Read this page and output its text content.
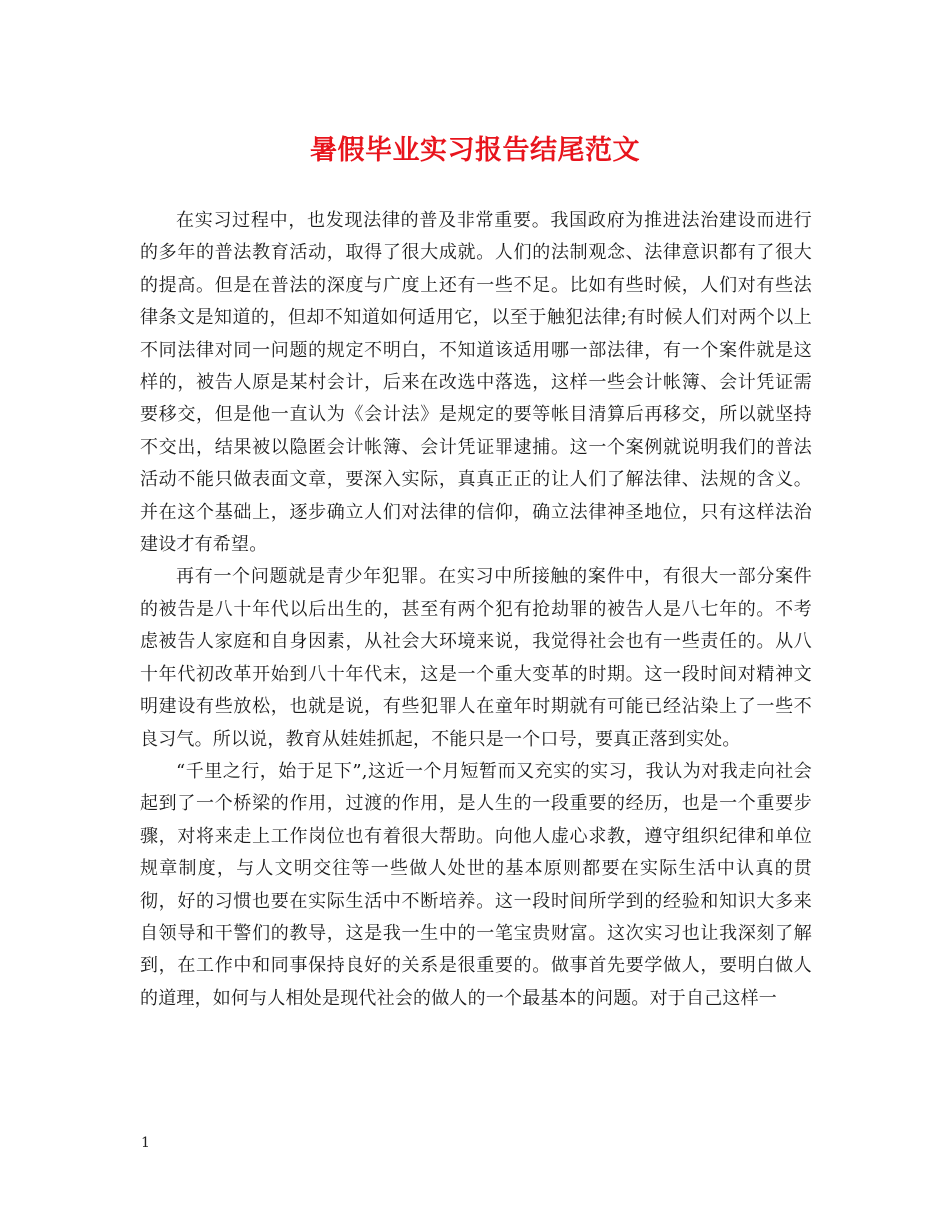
暑假毕业实习报告结尾范文

在实习过程中，也发现法律的普及非常重要。我国政府为推进法治建设而进行的多年的普法教育活动，取得了很大成就。人们的法制观念、法律意识都有了很大的提高。但是在普法的深度与广度上还有一些不足。比如有些时候，人们对有些法律条文是知道的，但却不知道如何适用它，以至于触犯法律;有时候人们对两个以上不同法律对同一问题的规定不明白，不知道该适用哪一部法律，有一个案件就是这样的，被告人原是某村会计，后来在改选中落选，这样一些会计帐簿、会计凭证需要移交，但是他一直认为《会计法》是规定的要等帐目清算后再移交，所以就坚持不交出，结果被以隐匿会计帐簿、会计凭证罪逮捕。这一个案例就说明我们的普法活动不能只做表面文章，要深入实际，真真正正的让人们了解法律、法规的含义。并在这个基础上，逐步确立人们对法律的信仰，确立法律神圣地位，只有这样法治建设才有希望。

再有一个问题就是青少年犯罪。在实习中所接触的案件中，有很大一部分案件的被告是八十年代以后出生的，甚至有两个犯有抢劫罪的被告人是八七年的。不考虑被告人家庭和自身因素，从社会大环境来说，我觉得社会也有一些责任的。从八十年代初改革开始到八十年代末，这是一个重大变革的时期。这一段时间对精神文明建设有些放松，也就是说，有些犯罪人在童年时期就有可能已经沾染上了一些不良习气。所以说，教育从娃娃抓起，不能只是一个口号，要真正落到实处。

“千里之行，始于足下”,这近一个月短暂而又充实的实习，我认为对我走向社会起到了一个桥梁的作用，过渡的作用，是人生的一段重要的经历，也是一个重要步骤，对将来走上工作岗位也有着很大帮助。向他人虚心求教，遵守组织纪律和单位规章制度，与人文明交往等一些做人处世的基本原则都要在实际生活中认真的贯彻，好的习惯也要在实际生活中不断培养。这一段时间所学到的经验和知识大多来自领导和干警们的教导，这是我一生中的一笔宝贵财富。这次实习也让我深刻了解到，在工作中和同事保持良好的关系是很重要的。做事首先要学做人，要明白做人的道理，如何与人相处是现代社会的做人的一个最基本的问题。对于自己这样一

1
